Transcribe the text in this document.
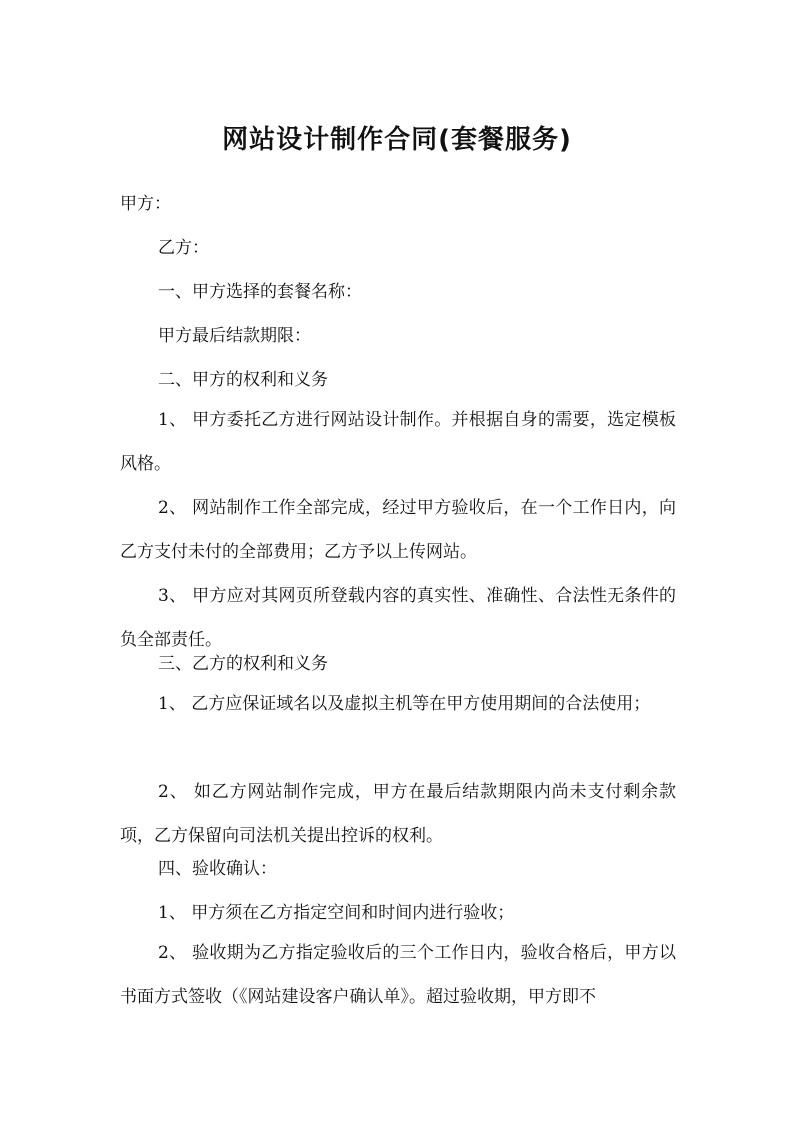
网站设计制作合同(套餐服务)
甲方：
乙方：
一、甲方选择的套餐名称：
甲方最后结款期限：
二、甲方的权利和义务
1、 甲方委托乙方进行网站设计制作。并根据自身的需要，选定模板风格。
2、 网站制作工作全部完成，经过甲方验收后，在一个工作日内，向乙方支付未付的全部费用；乙方予以上传网站。
3、 甲方应对其网页所登载内容的真实性、准确性、合法性无条件的负全部责任。
三、乙方的权利和义务
1、 乙方应保证域名以及虚拟主机等在甲方使用期间的合法使用；
2、 如乙方网站制作完成，甲方在最后结款期限内尚未支付剩余款项，乙方保留向司法机关提出控诉的权利。
四、验收确认：
1、 甲方须在乙方指定空间和时间内进行验收；
2、 验收期为乙方指定验收后的三个工作日内，验收合格后，甲方以书面方式签收（《网站建设客户确认单》。超过验收期，甲方即不
